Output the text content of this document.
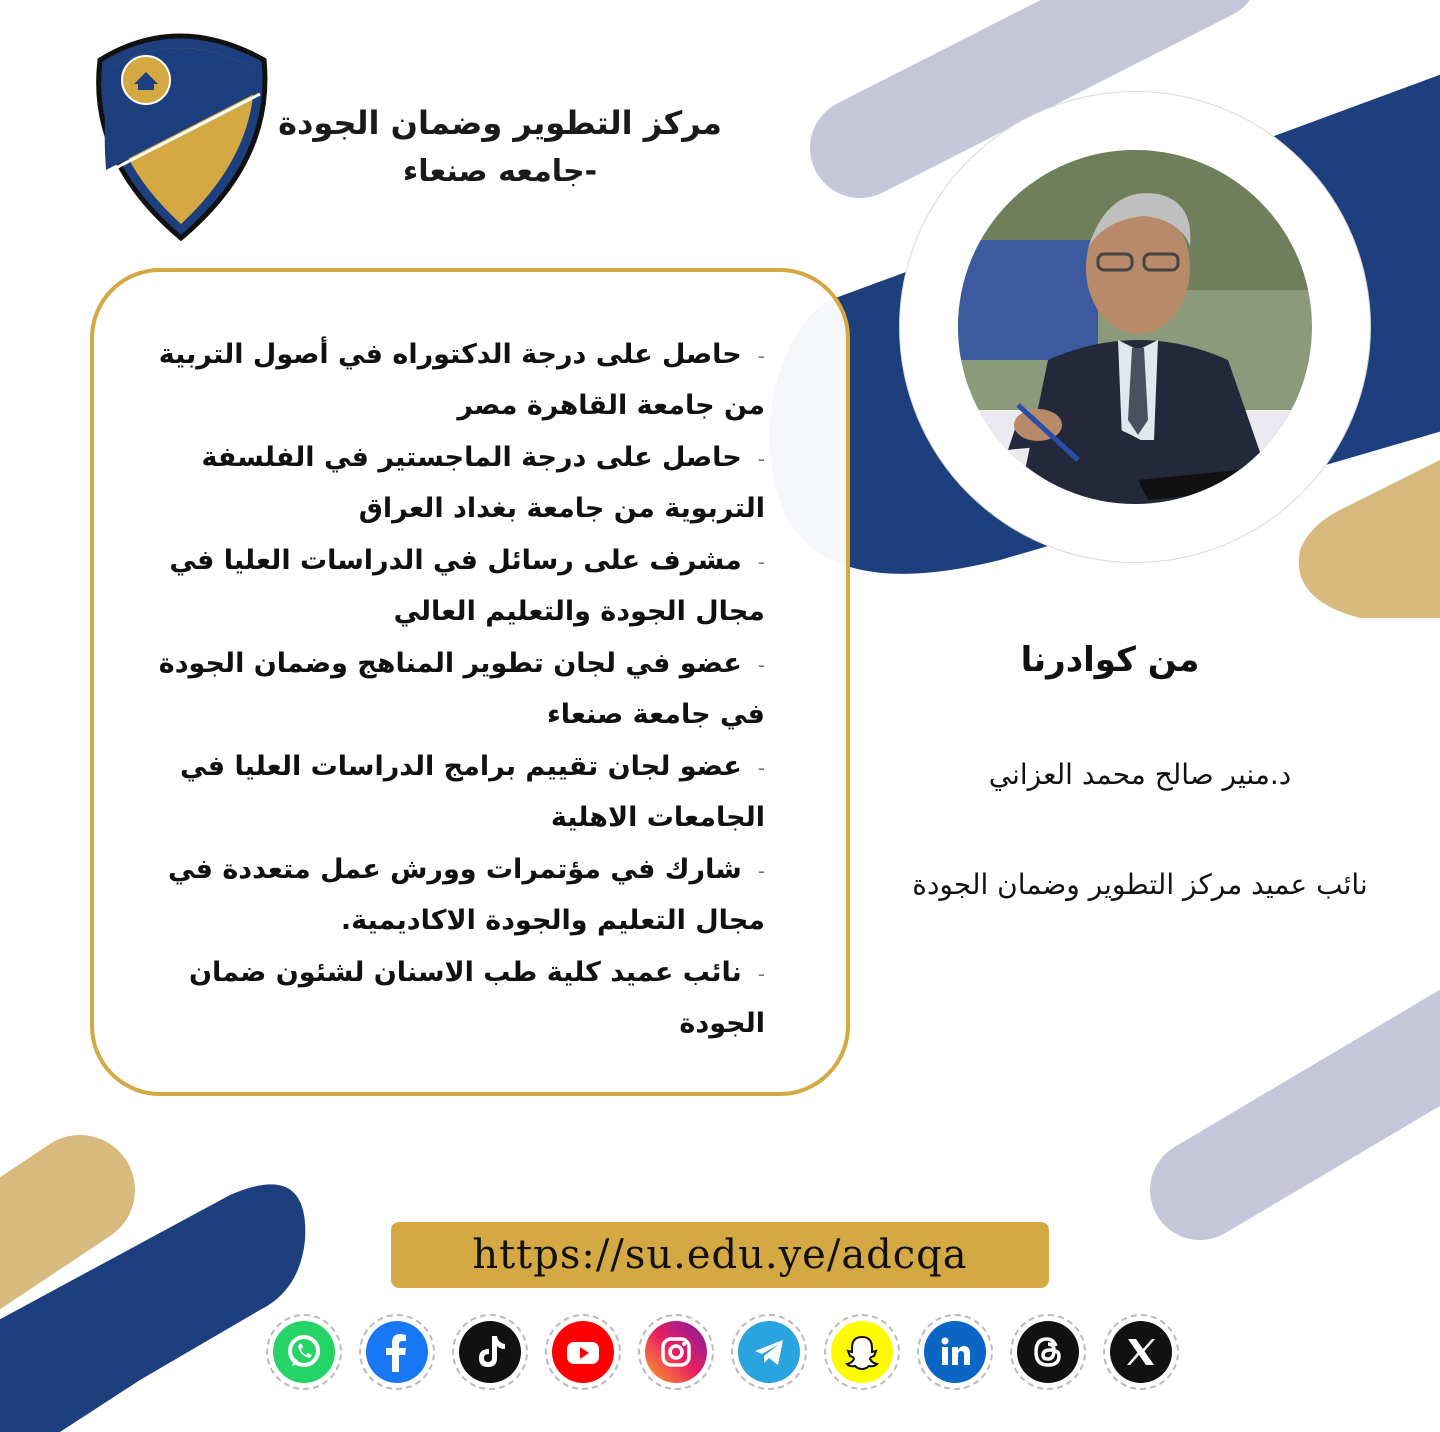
مركز التطوير وضمان الجودة

-جامعه صنعاء

-حاصل على درجة الدكتوراه في أصول التربية من جامعة القاهرة مصر
-حاصل على درجة الماجستير في الفلسفة التربوية من جامعة بغداد العراق
-مشرف على رسائل في الدراسات العليا في مجال الجودة والتعليم العالي
-عضو في لجان تطوير المناهج وضمان الجودة في جامعة صنعاء
-عضو لجان تقييم برامج الدراسات العليا في الجامعات الاهلية
-شارك في مؤتمرات وورش عمل متعددة في مجال التعليم والجودة الاكاديمية.
-نائب عميد كلية طب الاسنان لشئون ضمان الجودة
من كوادرنا
د.منير صالح محمد العزاني
نائب عميد مركز التطوير وضمان الجودة
https://su.edu.ye/adcqa
